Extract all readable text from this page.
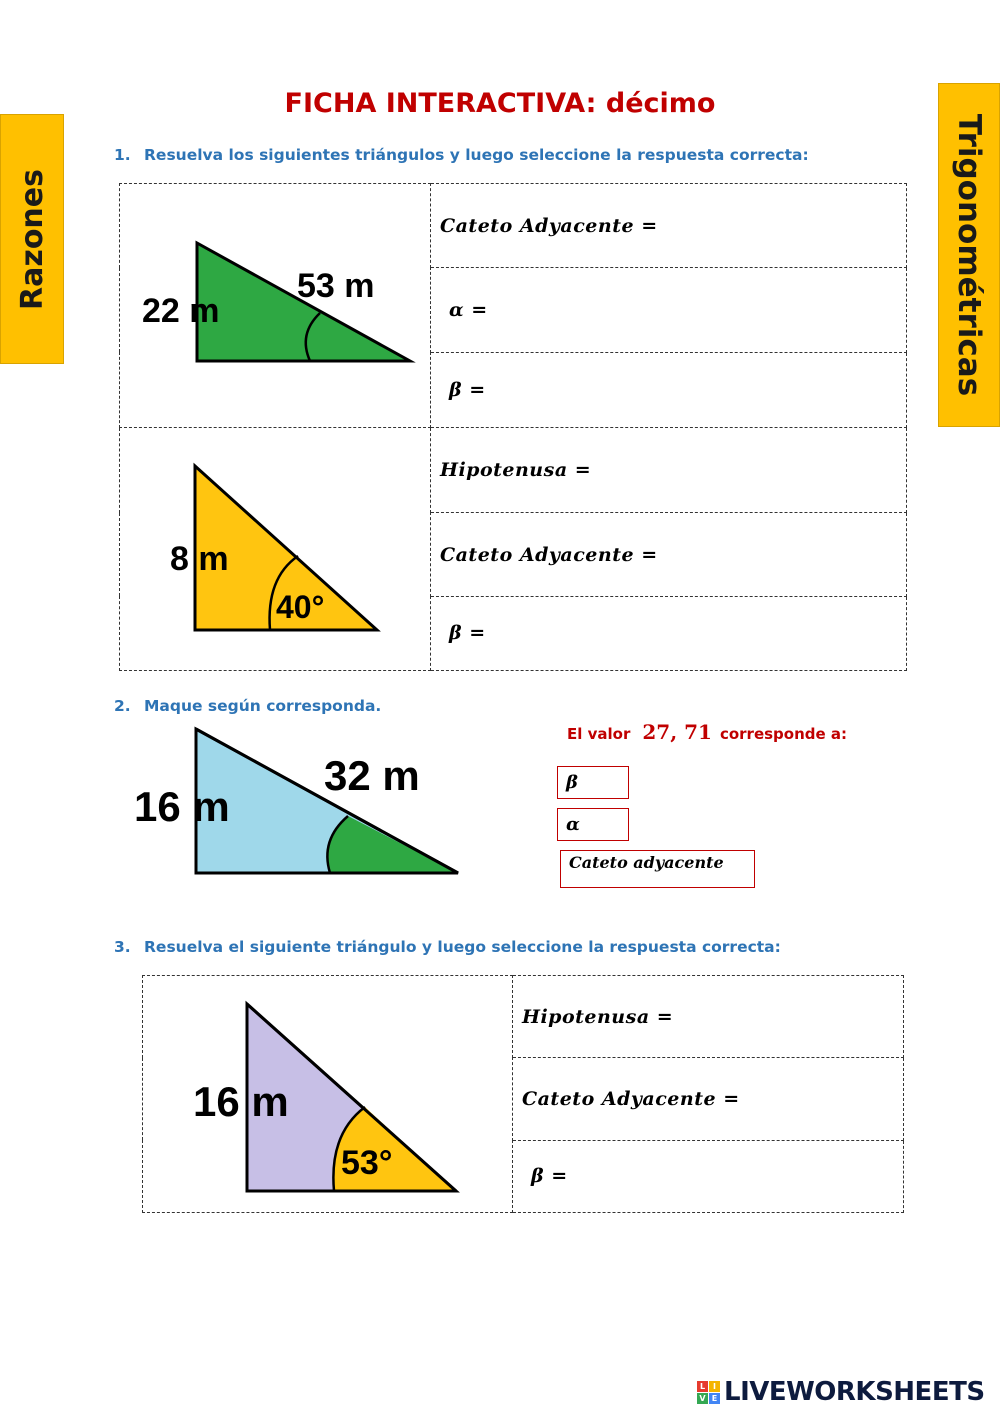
Razones	Trigonométricas
FICHA INTERACTIVA: décimo
1. Resuelva los siguientes triángulos y luego seleccione la respuesta correcta:
22 m
53 m	Cateto Adyacente =

	α =

	β =

8 m
40°	Hipotenusa =

	Cateto Adyacente =

	β =
2. Maque según corresponda.
16 m
32 m
El valor 27, 71 corresponde a:
β
α
Cateto adyacente
3. Resuelva el siguiente triángulo y luego seleccione la respuesta correcta:
16 m
53°

Hipotenusa =

Cateto Adyacente =

β =
L I
V E LIVEWORKSHEETS
